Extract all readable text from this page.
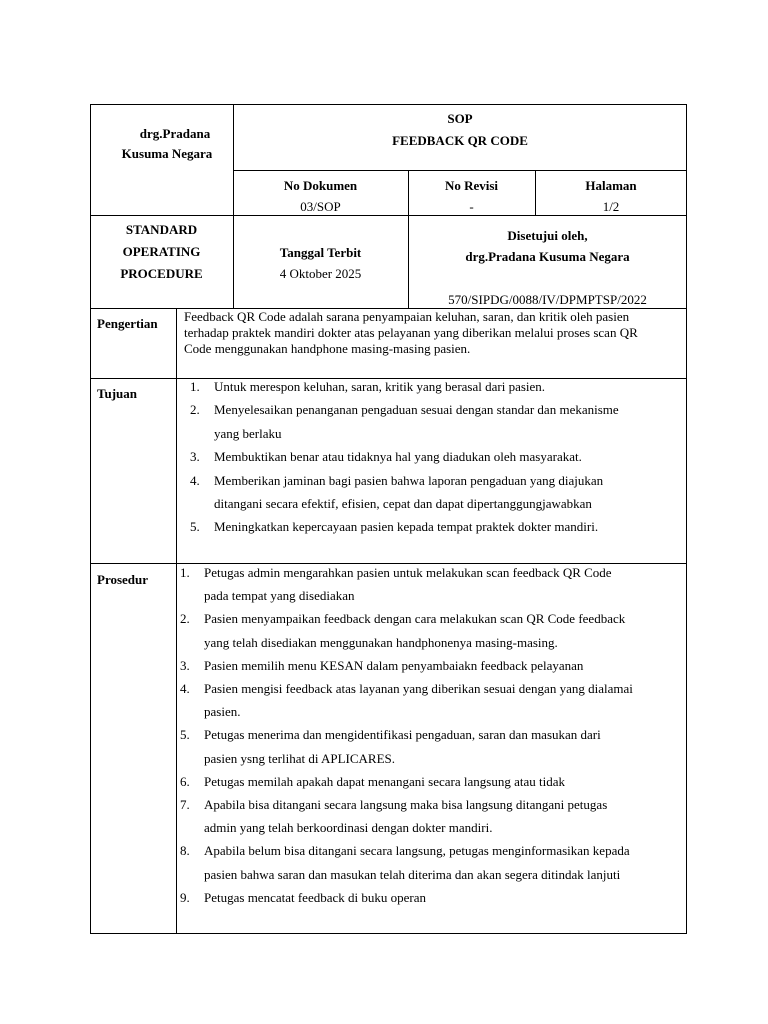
drg.Pradana
Kusuma Negara
SOP
FEEDBACK QR CODE
No Dokumen
03/SOP
No Revisi
-
Halaman
1/2
STANDARD
OPERATING
PROCEDURE
Tanggal Terbit
4 Oktober 2025
Disetujui oleh,
drg.Pradana Kusuma Negara
570/SIPDG/0088/IV/DPMPTSP/2022
Pengertian Feedback QR Code adalah sarana penyampaian keluhan, saran, dan kritik oleh pasien
terhadap praktek mandiri dokter atas pelayanan yang diberikan melalui proses scan QR
Code menggunakan handphone masing-masing pasien.
Tujuan	1. Untuk merespon keluhan, saran, kritik yang berasal dari pasien.
2. Menyelesaikan penanganan pengaduan sesuai dengan standar dan mekanisme
yang berlaku
3. Membuktikan benar atau tidaknya hal yang diadukan oleh masyarakat.
4. Memberikan jaminan bagi pasien bahwa laporan pengaduan yang diajukan
ditangani secara efektif, efisien, cepat dan dapat dipertanggungjawabkan
5. Meningkatkan kepercayaan pasien kepada tempat praktek dokter mandiri.
Prosedur 1. Petugas admin mengarahkan pasien untuk melakukan scan feedback QR Code
pada tempat yang disediakan
2. Pasien menyampaikan feedback dengan cara melakukan scan QR Code feedback
yang telah disediakan menggunakan handphonenya masing-masing.
3. Pasien memilih menu KESAN dalam penyambaiakn feedback pelayanan
4. Pasien mengisi feedback atas layanan yang diberikan sesuai dengan yang dialamai
pasien.
5. Petugas menerima dan mengidentifikasi pengaduan, saran dan masukan dari
pasien ysng terlihat di APLICARES.
6. Petugas memilah apakah dapat menangani secara langsung atau tidak
7. Apabila bisa ditangani secara langsung maka bisa langsung ditangani petugas
admin yang telah berkoordinasi dengan dokter mandiri.
8. Apabila belum bisa ditangani secara langsung, petugas menginformasikan kepada
pasien bahwa saran dan masukan telah diterima dan akan segera ditindak lanjuti
9. Petugas mencatat feedback di buku operan
